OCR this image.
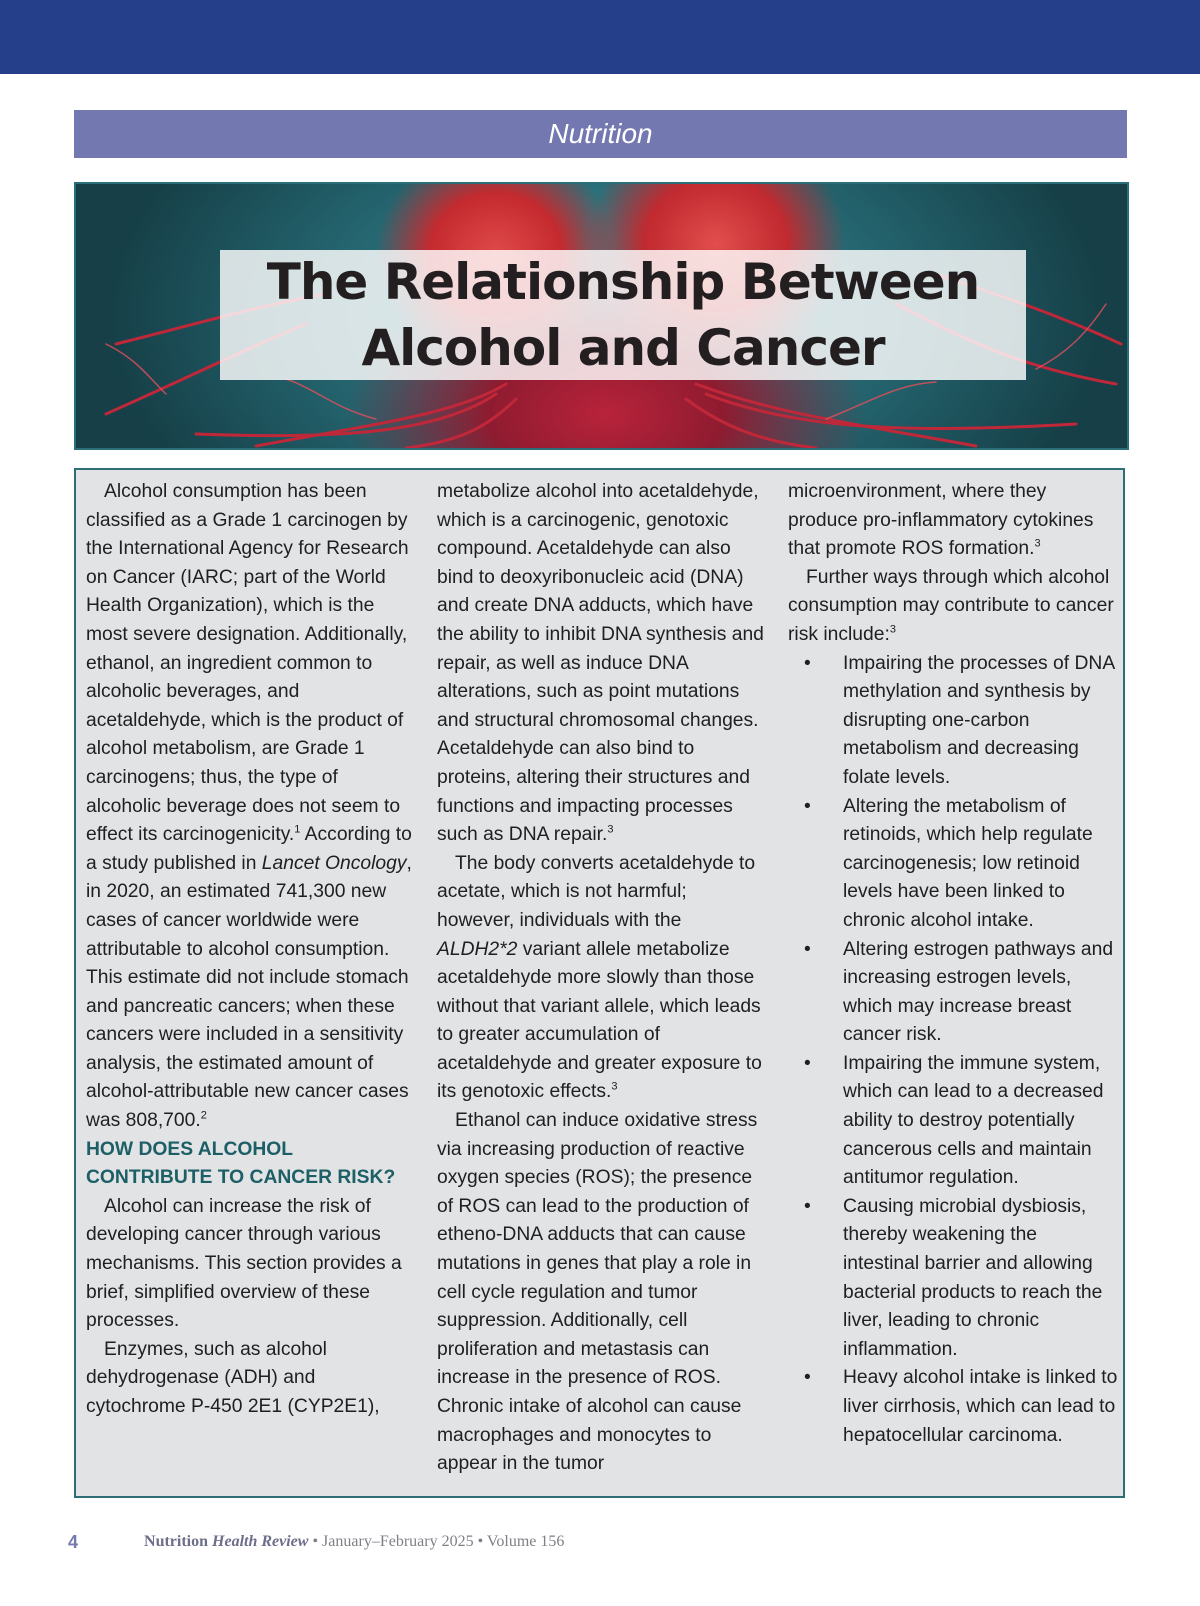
Nutrition
The Relationship Between
Alcohol and Cancer

Alcohol consumption has been classified as a Grade 1 carcinogen by the International Agency for Research on Cancer (IARC; part of the World Health Organization), which is the most severe designation. Additionally, ethanol, an ingredient common to alcoholic beverages, and acetaldehyde, which is the product of alcohol metabolism, are Grade 1 carcinogens; thus, the type of alcoholic beverage does not seem to effect its carcinogenicity.$^1$ According to a study published in Lancet Oncology, in 2020, an estimated 741,300 new cases of cancer worldwide were attributable to alcohol consumption. This estimate did not include stomach and pancreatic cancers; when these cancers were included in a sensitivity analysis, the estimated amount of alcohol-attributable new cancer cases was 808,700.$^2$

HOW DOES ALCOHOL CONTRIBUTE TO CANCER RISK?

Alcohol can increase the risk of developing cancer through various mechanisms. This section provides a brief, simplified overview of these processes.

Enzymes, such as alcohol dehydrogenase (ADH) and cytochrome P-450 2E1 (CYP2E1),

metabolize alcohol into acetaldehyde, which is a carcinogenic, genotoxic compound. Acetaldehyde can also bind to deoxyribonucleic acid (DNA) and create DNA adducts, which have the ability to inhibit DNA synthesis and repair, as well as induce DNA alterations, such as point mutations and structural chromosomal changes. Acetaldehyde can also bind to proteins, altering their structures and functions and impacting processes such as DNA repair.$^3$

The body converts acetaldehyde to acetate, which is not harmful; however, individuals with the ALDH2*2 variant allele metabolize acetaldehyde more slowly than those without that variant allele, which leads to greater accumulation of acetaldehyde and greater exposure to its genotoxic effects.$^3$

Ethanol can induce oxidative stress via increasing production of reactive oxygen species (ROS); the presence of ROS can lead to the production of etheno-DNA adducts that can cause mutations in genes that play a role in cell cycle regulation and tumor suppression. Additionally, cell proliferation and metastasis can increase in the presence of ROS. Chronic intake of alcohol can cause macrophages and monocytes to appear in the tumor

microenvironment, where they produce pro-inflammatory cytokines that promote ROS formation.$^3$

Further ways through which alcohol consumption may contribute to cancer risk include:$^3$

• Impairing the processes of DNA methylation and synthesis by disrupting one-carbon metabolism and decreasing folate levels.
• Altering the metabolism of retinoids, which help regulate carcinogenesis; low retinoid levels have been linked to chronic alcohol intake.
• Altering estrogen pathways and increasing estrogen levels, which may increase breast cancer risk.
• Impairing the immune system, which can lead to a decreased ability to destroy potentially cancerous cells and maintain antitumor regulation.
• Causing microbial dysbiosis, thereby weakening the intestinal barrier and allowing bacterial products to reach the liver, leading to chronic inflammation.
• Heavy alcohol intake is linked to liver cirrhosis, which can lead to hepatocellular carcinoma.
4	Nutrition
Health Review
• January–February 2025 • Volume 156
